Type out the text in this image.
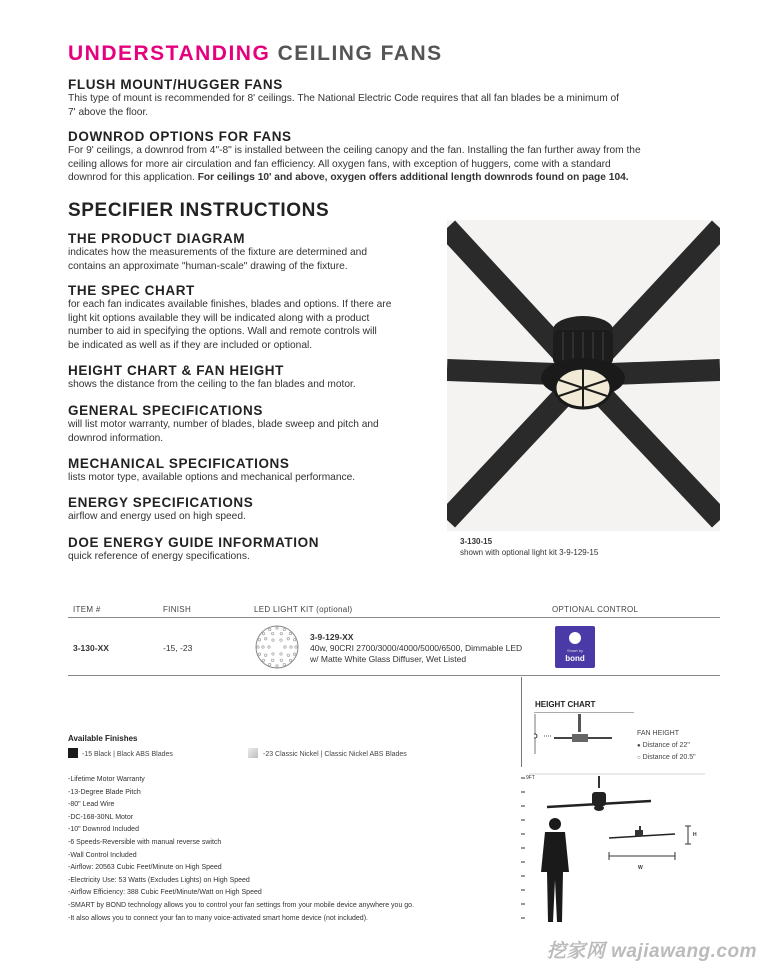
UNDERSTANDING CEILING FANS
FLUSH MOUNT/HUGGER FANS
This type of mount is recommended for 8' ceilings. The National Electric Code requires that all fan blades be a minimum of
7' above the floor.
DOWNROD OPTIONS FOR FANS
For 9' ceilings, a downrod from 4"-8" is installed between the ceiling canopy and the fan. Installing the fan further away from the
ceiling allows for more air circulation and fan efficiency. All oxygen fans, with exception of huggers, come with a standard
downrod for this application. For ceilings 10' and above, oxygen offers additional length downrods found on page 104.
SPECIFIER INSTRUCTIONS
THE PRODUCT DIAGRAM
indicates how the measurements of the fixture are determined and
contains an approximate "human-scale" drawing of the fixture.
THE SPEC CHART
for each fan indicates available finishes, blades and options. If there are
light kit options available they will be indicated along with a product
number to aid in specifying the options. Wall and remote controls will
be indicated as well as if they are included or optional.
HEIGHT CHART & FAN HEIGHT
shows the distance from the ceiling to the fan blades and motor.
GENERAL SPECIFICATIONS
will list motor warranty, number of blades, blade sweep and pitch and
downrod information.
MECHANICAL SPECIFICATIONS
lists motor type, available options and mechanical performance.
ENERGY SPECIFICATIONS
airflow and energy used on high speed.
DOE ENERGY GUIDE INFORMATION
quick reference of energy specifications.
3-130-15
shown with optional light kit 3-9-129-15
ITEM #	FINISH	LED LIGHT KIT (optional)	OPTIONAL CONTROL
3-130-XX	-15, -23
3-9-129-XX
40w, 90CRI 2700/3000/4000/5000/6500, Dimmable LED
w/ Matte White Glass Diffuser, Wet Listed
Smart by
bond
HEIGHT CHART
FAN HEIGHT
● Distance of 22"
○ Distance of 20.5"
9FT
H
W
Available Finishes
-15 Black | Black ABS Blades	-23 Classic Nickel | Classic Nickel ABS Blades
-Lifetime Motor Warranty
-13-Degree Blade Pitch
-80" Lead Wire
-DC-168-30NL Motor
-10" Downrod Included
-6 Speeds-Reversible with manual reverse switch
-Wall Control Included
-Airflow: 20563 Cubic Feet/Minute on High Speed
-Electricity Use: 53 Watts (Excludes Lights) on High Speed
-Airflow Efficiency: 388 Cubic Feet/Minute/Watt on High Speed
-SMART by BOND technology allows you to control your fan settings from your mobile device anywhere you go.
-It also allows you to connect your fan to many voice-activated smart home device (not included).
挖家网 wajiawang.com
